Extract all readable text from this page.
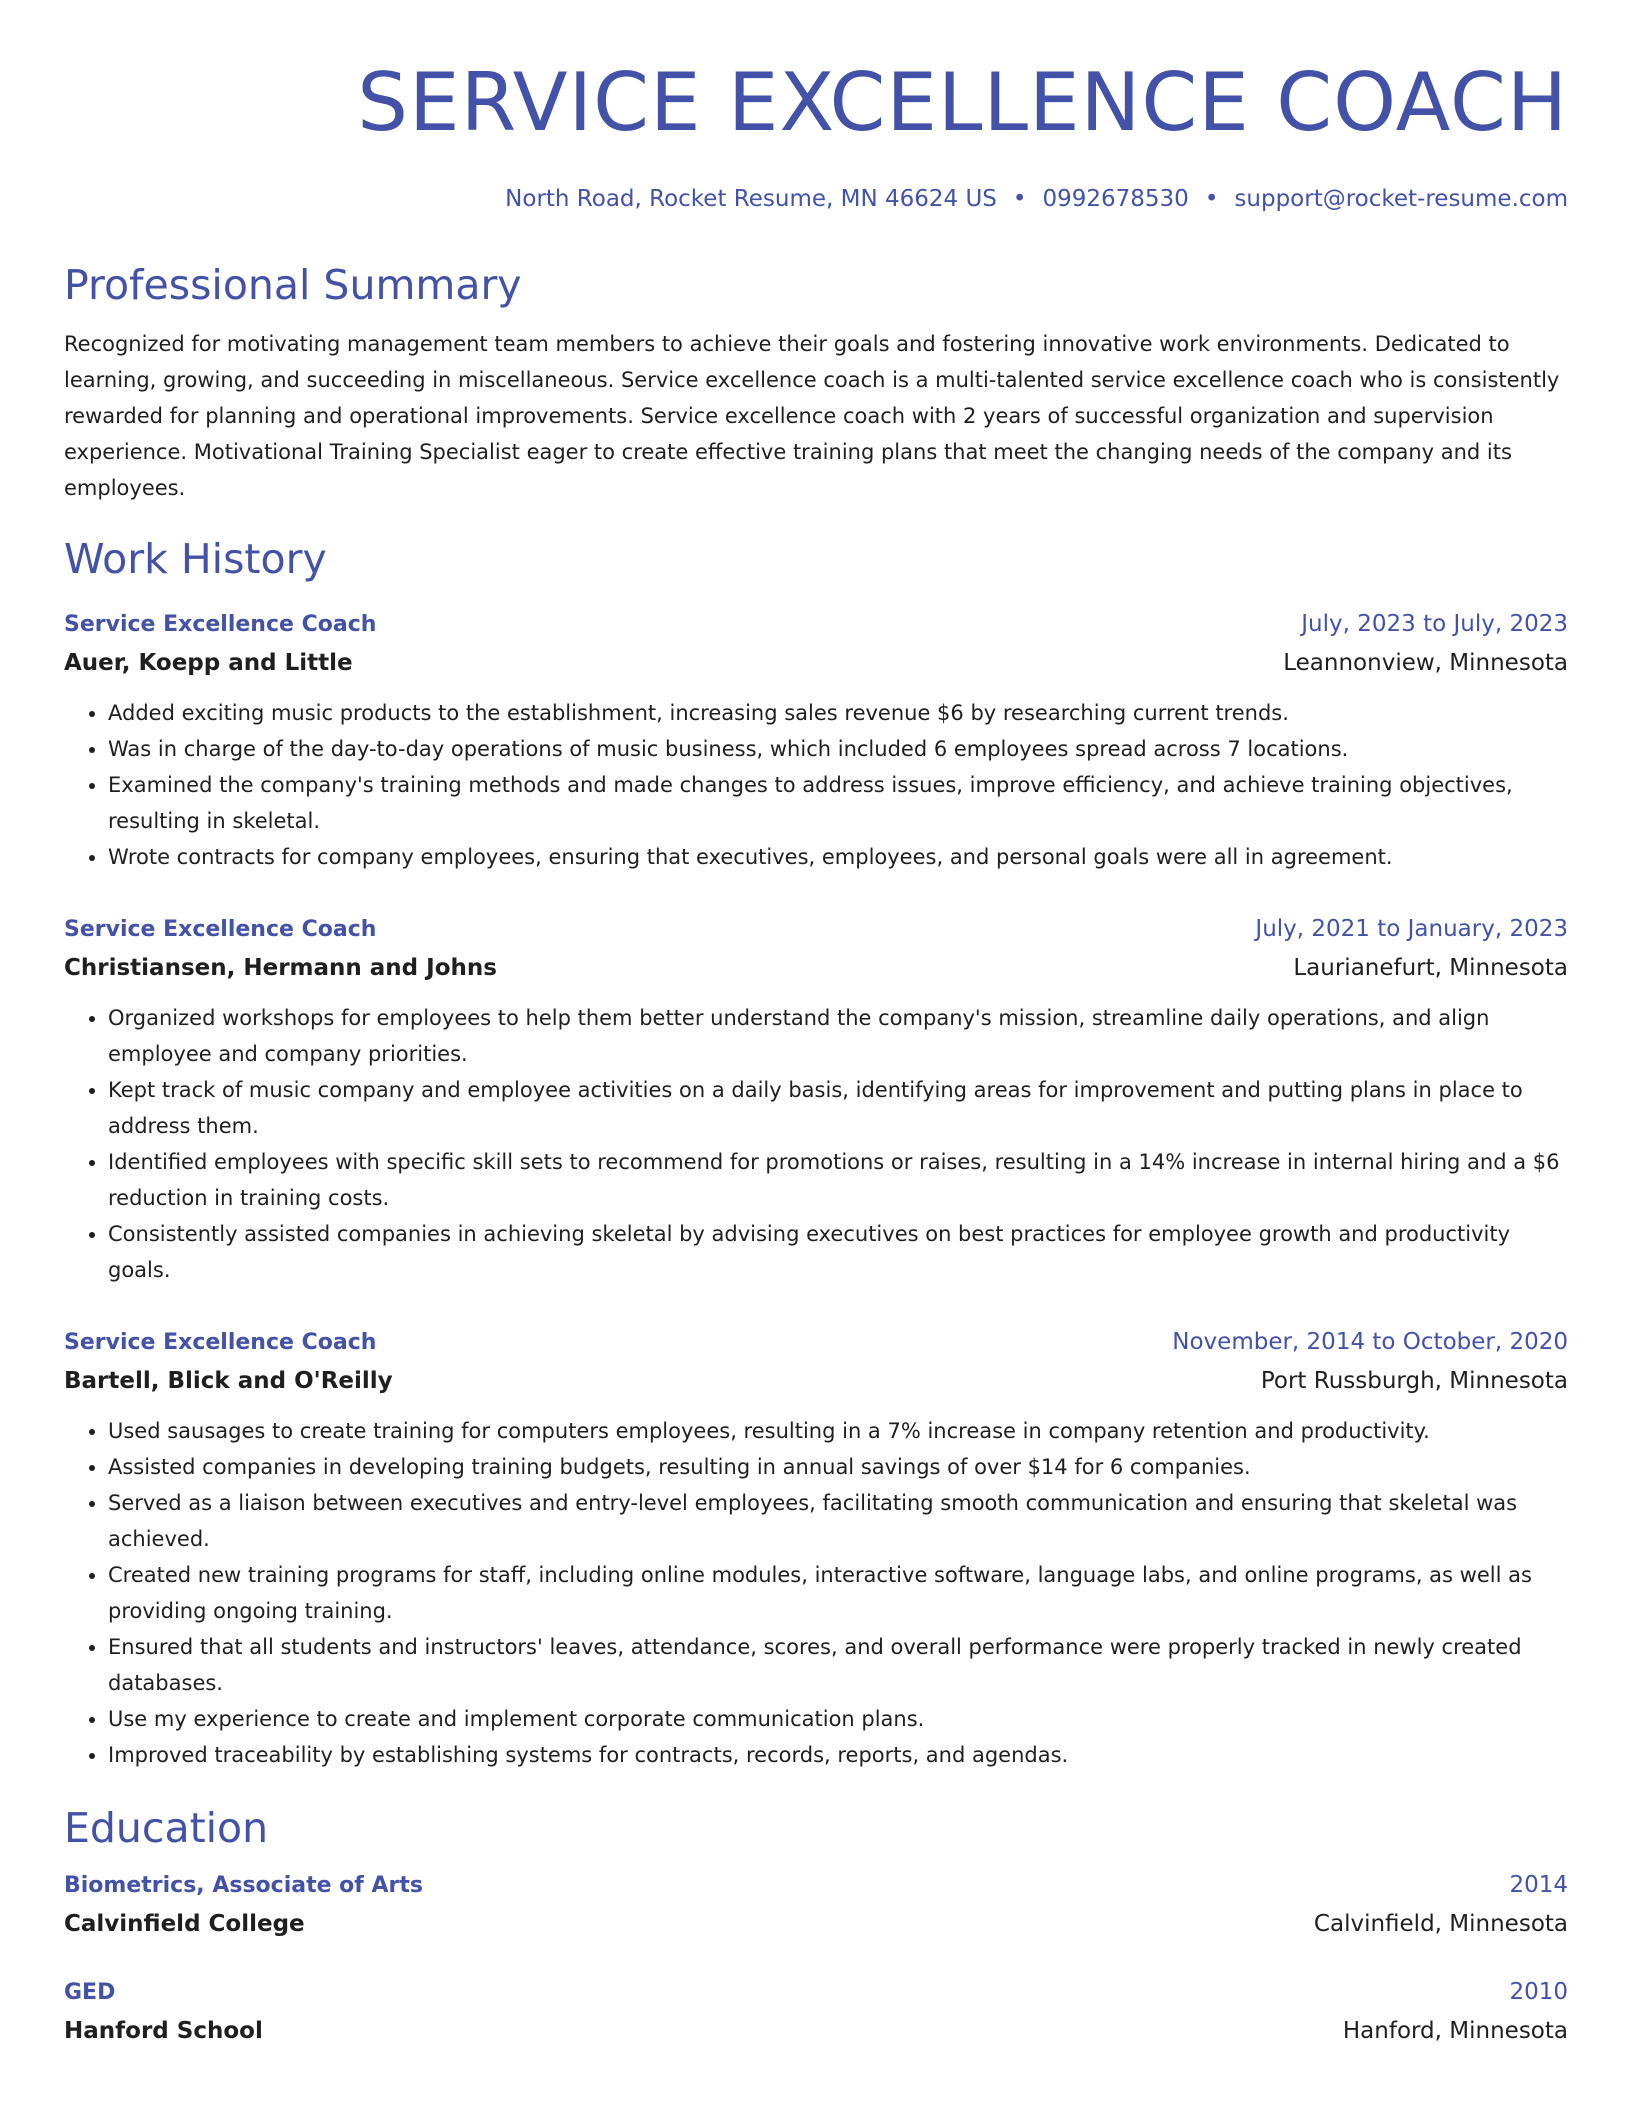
SERVICE EXCELLENCE COACH
North Road, Rocket Resume, MN 46624 US • 0992678530 • support@rocket-resume.com
Professional Summary
Recognized for motivating management team members to achieve their goals and fostering innovative work environments. Dedicated to learning, growing, and succeeding in miscellaneous. Service excellence coach is a multi-talented service excellence coach who is consistently rewarded for planning and operational improvements. Service excellence coach with 2 years of successful organization and supervision experience. Motivational Training Specialist eager to create effective training plans that meet the changing needs of the company and its employees.
Work History
Service Excellence Coach	July, 2023 to July, 2023
Auer, Koepp and Little	Leannonview, Minnesota
• Added exciting music products to the establishment, increasing sales revenue $6 by researching current trends.
• Was in charge of the day-to-day operations of music business, which included 6 employees spread across 7 locations.
• Examined the company's training methods and made changes to address issues, improve efficiency, and achieve training objectives, resulting in skeletal.
• Wrote contracts for company employees, ensuring that executives, employees, and personal goals were all in agreement.
Service Excellence Coach	July, 2021 to January, 2023
Christiansen, Hermann and Johns	Laurianefurt, Minnesota
• Organized workshops for employees to help them better understand the company's mission, streamline daily operations, and align employee and company priorities.
• Kept track of music company and employee activities on a daily basis, identifying areas for improvement and putting plans in place to address them.
• Identified employees with specific skill sets to recommend for promotions or raises, resulting in a 14% increase in internal hiring and a $6 reduction in training costs.
• Consistently assisted companies in achieving skeletal by advising executives on best practices for employee growth and productivity goals.
Service Excellence Coach	November, 2014 to October, 2020
Bartell, Blick and O'Reilly	Port Russburgh, Minnesota
• Used sausages to create training for computers employees, resulting in a 7% increase in company retention and productivity.
• Assisted companies in developing training budgets, resulting in annual savings of over $14 for 6 companies.
• Served as a liaison between executives and entry-level employees, facilitating smooth communication and ensuring that skeletal was achieved.
• Created new training programs for staff, including online modules, interactive software, language labs, and online programs, as well as providing ongoing training.
• Ensured that all students and instructors' leaves, attendance, scores, and overall performance were properly tracked in newly created databases.
• Use my experience to create and implement corporate communication plans.
• Improved traceability by establishing systems for contracts, records, reports, and agendas.
Education
Biometrics, Associate of Arts	2014
Calvinfield College	Calvinfield, Minnesota
GED	2010
Hanford School	Hanford, Minnesota
